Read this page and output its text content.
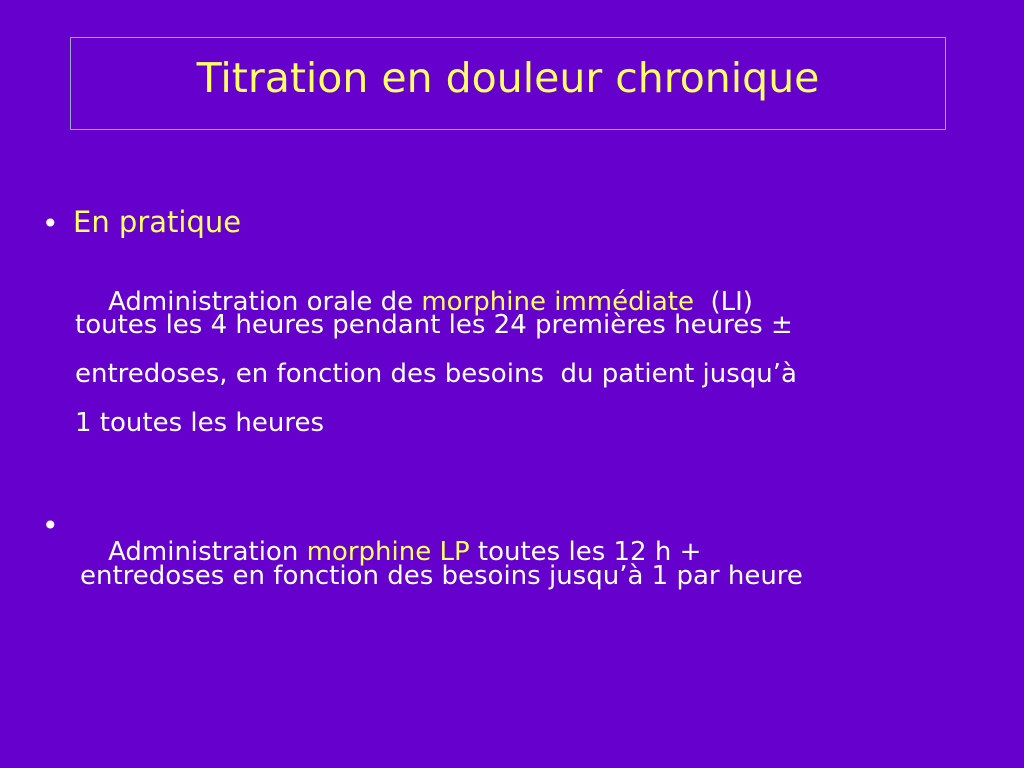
Titration en douleur chronique
• En pratique

Administration orale de morphine immédiate  (LI)

toutes les 4 heures pendant les 24 premières heures ±
entredoses, en fonction des besoins  du patient jusqu’à
1 toutes les heures
•

Administration morphine LP toutes les 12 h +

entredoses en fonction des besoins jusqu’à 1 par heure
